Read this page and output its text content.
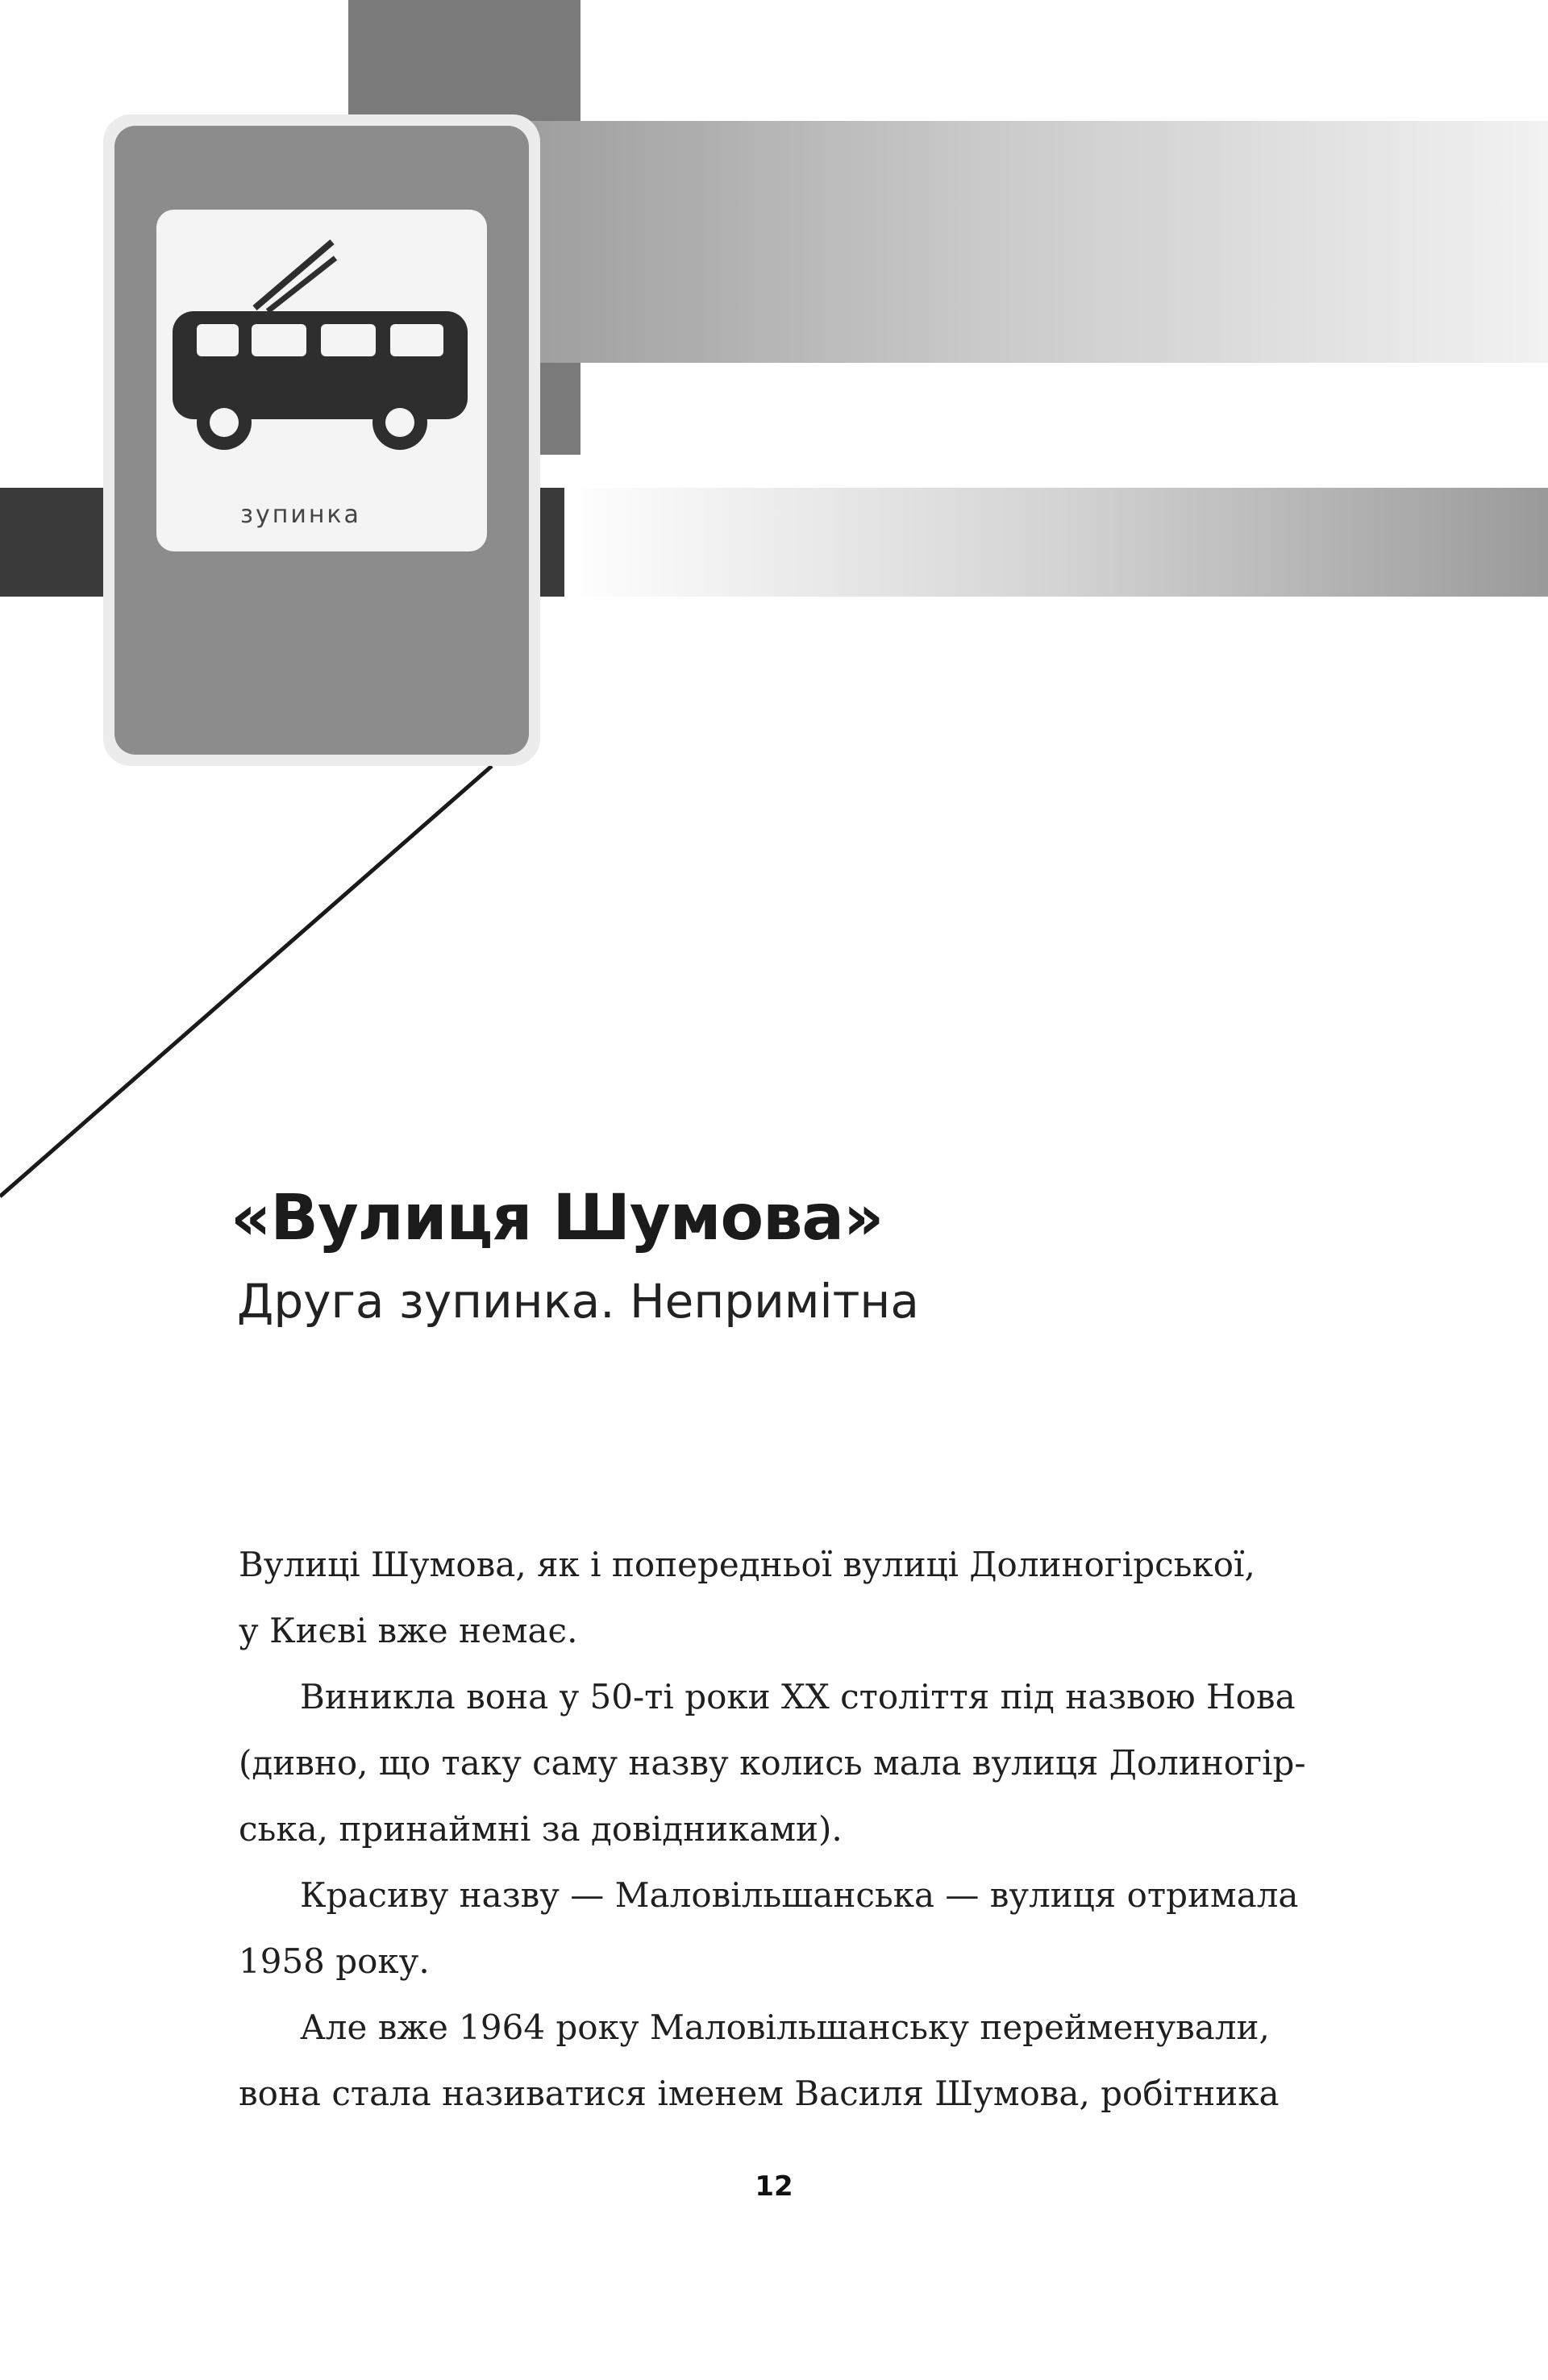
зупинка
«Вулиця Шумова»
Друга зупинка. Непримітна
Вулиці Шумова, як і попередньої вулиці Долиногірської,
у Києві вже немає.
Виникла вона у 50-ті роки XX століття під назвою Нова
(дивно, що таку саму назву колись мала вулиця Долиногір-
ська, принаймні за довідниками).
Красиву назву — Маловільшанська — вулиця отримала
1958 року.
Але вже 1964 року Маловільшанську перейменували,
вона стала називатися іменем Василя Шумова, робітника
12
